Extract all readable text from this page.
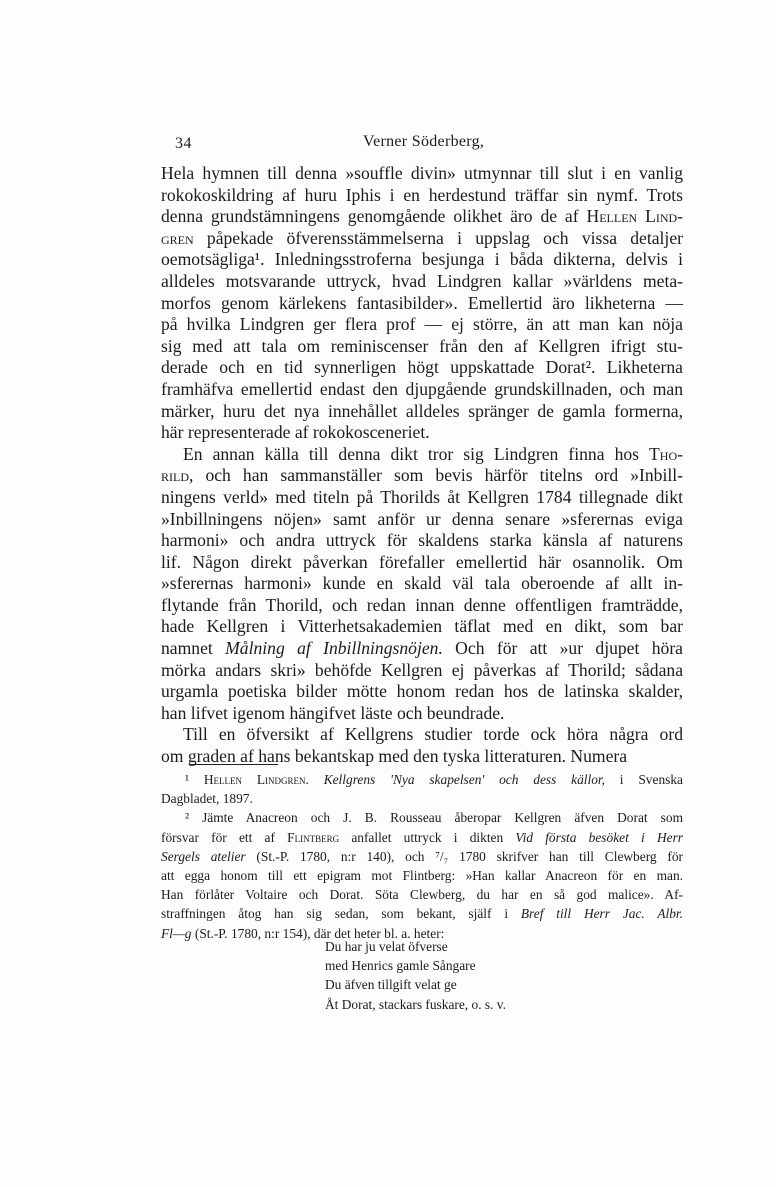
34	Verner Söderberg,
Hela hymnen till denna »souffle divin» utmynnar till slut i en vanlig
rokokoskildring af huru Iphis i en herdestund träffar sin nymf. Trots
denna grundstämningens genomgående olikhet äro de af Hellen Lind-
gren påpekade öfverensstämmelserna i uppslag och vissa detaljer
oemotsägliga¹. Inledningsstroferna besjunga i båda dikterna, delvis i
alldeles motsvarande uttryck, hvad Lindgren kallar »världens meta-
morfos genom kärlekens fantasibilder». Emellertid äro likheterna —
på hvilka Lindgren ger flera prof — ej större, än att man kan nöja
sig med att tala om reminiscenser från den af Kellgren ifrigt stu-
derade och en tid synnerligen högt uppskattade Dorat². Likheterna
framhäfva emellertid endast den djupgående grundskillnaden, och man
märker, huru det nya innehållet alldeles spränger de gamla formerna,
här representerade af rokokosceneriet.
En annan källa till denna dikt tror sig Lindgren finna hos Tho-
rild, och han sammanställer som bevis härför titelns ord »Inbill-
ningens verld» med titeln på Thorilds åt Kellgren 1784 tillegnade dikt
»Inbillningens nöjen» samt anför ur denna senare »sferernas eviga
harmoni» och andra uttryck för skaldens starka känsla af naturens
lif. Någon direkt påverkan förefaller emellertid här osannolik. Om
»sferernas harmoni» kunde en skald väl tala oberoende af allt in-
flytande från Thorild, och redan innan denne offentligen framträdde,
hade Kellgren i Vitterhetsakademien täflat med en dikt, som bar
namnet Målning af Inbillningsnöjen. Och för att »ur djupet höra
mörka andars skri» behöfde Kellgren ej påverkas af Thorild; sådana
urgamla poetiska bilder mötte honom redan hos de latinska skalder,
han lifvet igenom hängifvet läste och beundrade.
Till en öfversikt af Kellgrens studier torde ock höra några ord
om graden af hans bekantskap med den tyska litteraturen. Numera
¹ Hellen Lindgren. Kellgrens 'Nya skapelsen' och dess källor, i Svenska
Dagbladet, 1897.
² Jämte Anacreon och J. B. Rousseau åberopar Kellgren äfven Dorat som
försvar för ett af Flintberg anfallet uttryck i dikten Vid första besöket i Herr
Sergels atelier (St.-P. 1780, n:r 140), och ⁷/₇ 1780 skrifver han till Clewberg för
att egga honom till ett epigram mot Flintberg: »Han kallar Anacreon för en man.
Han förlåter Voltaire och Dorat. Söta Clewberg, du har en så god malice». Af-
straffningen åtog han sig sedan, som bekant, själf i Bref till Herr Jac. Albr.
Fl—g (St.-P. 1780, n:r 154), där det heter bl. a. heter:
Du har ju velat öfverse
med Henrics gamle Sångare
Du äfven tillgift velat ge
Åt Dorat, stackars fuskare, o. s. v.
